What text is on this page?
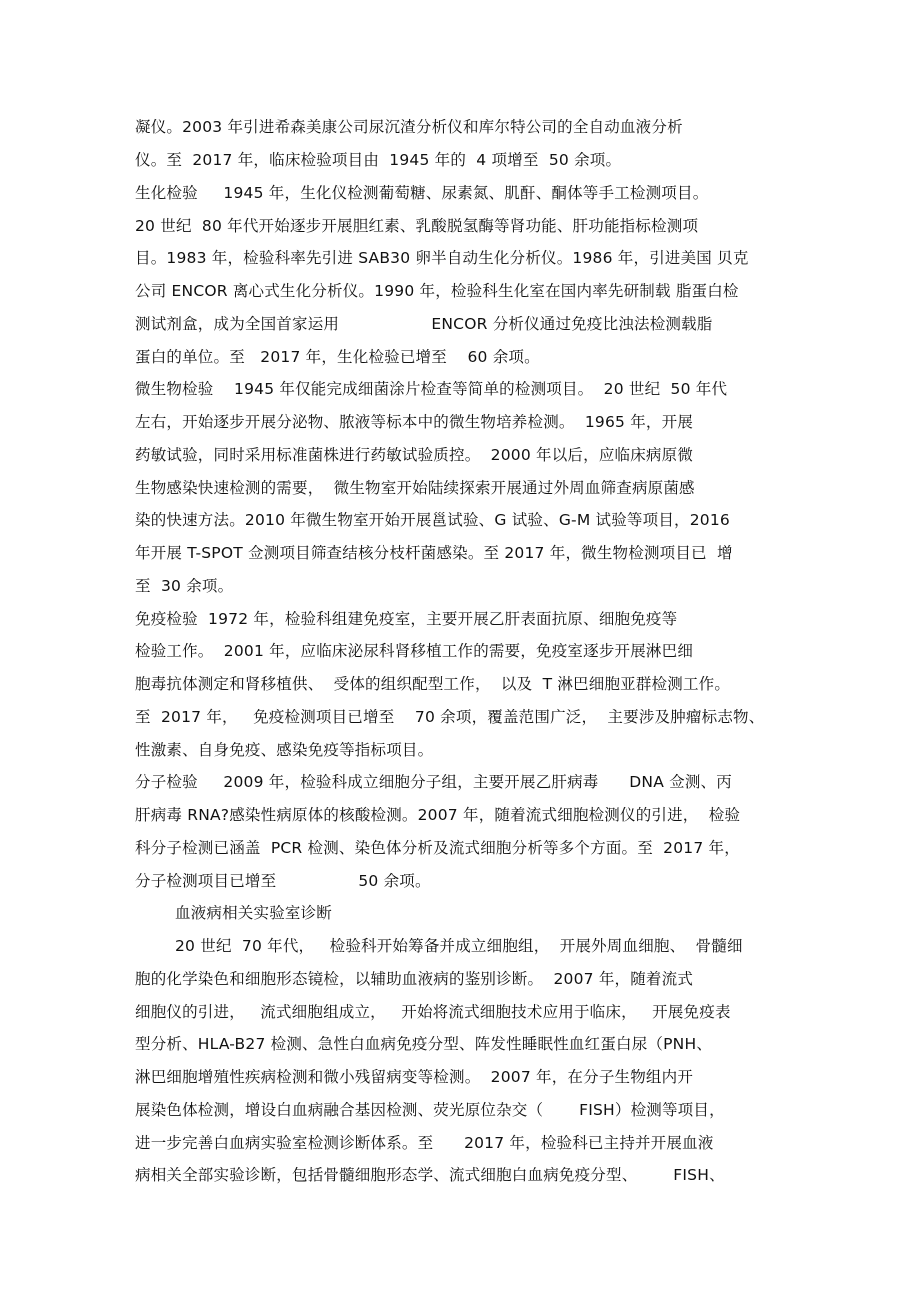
凝仪。2003 年引进希森美康公司尿沉渣分析仪和库尔特公司的全自动血液分析
仪。至  2017 年，临床检验项目由  1945 年的  4 项增至  50 余项。
生化检验     1945 年，生化仪检测葡萄糖、尿素氮、肌酐、酮体等手工检测项目。
20 世纪  80 年代开始逐步开展胆红素、乳酸脱氢酶等肾功能、肝功能指标检测项
目。1983 年，检验科率先引进 SAB30 卵半自动生化分析仪。1986 年，引进美国 贝克
公司 ENCOR 离心式生化分析仪。1990 年，检验科生化室在国内率先研制载 脂蛋白检
测试剂盒，成为全国首家运用                  ENCOR 分析仪通过免疫比浊法检测载脂
蛋白的单位。至   2017 年，生化检验已增至    60 余项。
微生物检验    1945 年仅能完成细菌涂片检查等简单的检测项目。  20 世纪  50 年代
左右，开始逐步开展分泌物、脓液等标本中的微生物培养检测。  1965 年，开展
药敏试验，同时采用标准菌株进行药敏试验质控。  2000 年以后，应临床病原微
生物感染快速检测的需要，  微生物室开始陆续探索开展通过外周血筛查病原菌感
染的快速方法。2010 年微生物室开始开展邕试验、G 试验、G-M 试验等项目，2016
年开展 T-SPOT 佥测项目筛查结核分枝杆菌感染。至 2017 年，微生物检测项目已  增
至  30 余项。
免疫检验  1972 年，检验科组建免疫室，主要开展乙肝表面抗原、细胞免疫等
检验工作。  2001 年，应临床泌尿科肾移植工作的需要，免疫室逐步开展淋巴细
胞毒抗体测定和肾移植供、  受体的组织配型工作，  以及  T 淋巴细胞亚群检测工作。
至  2017 年，   免疫检测项目已增至    70 余项，覆盖范围广泛，  主要涉及肿瘤标志物、
性激素、自身免疫、感染免疫等指标项目。
分子检验     2009 年，检验科成立细胞分子组，主要开展乙肝病毒      DNA 佥测、丙
肝病毒 RNA?感染性病原体的核酸检测。2007 年，随着流式细胞检测仪的引进，  检验
科分子检测已涵盖  PCR 检测、染色体分析及流式细胞分析等多个方面。至  2017 年，
分子检测项目已增至                50 余项。
血液病相关实验室诊断
20 世纪  70 年代，   检验科开始筹备并成立细胞组，  开展外周血细胞、  骨髓细
胞的化学染色和细胞形态镜检，以辅助血液病的鉴别诊断。  2007 年，随着流式
细胞仪的引进，   流式细胞组成立，   开始将流式细胞技术应用于临床，   开展免疫表
型分析、HLA-B27 检测、急性白血病免疫分型、阵发性睡眠性血红蛋白尿（PNH、
淋巴细胞增殖性疾病检测和微小残留病变等检测。  2007 年，在分子生物组内开
展染色体检测，增设白血病融合基因检测、荧光原位杂交（       FISH）检测等项目，
进一步完善白血病实验室检测诊断体系。至      2017 年，检验科已主持并开展血液
病相关全部实验诊断，包括骨髓细胞形态学、流式细胞白血病免疫分型、       FISH、
